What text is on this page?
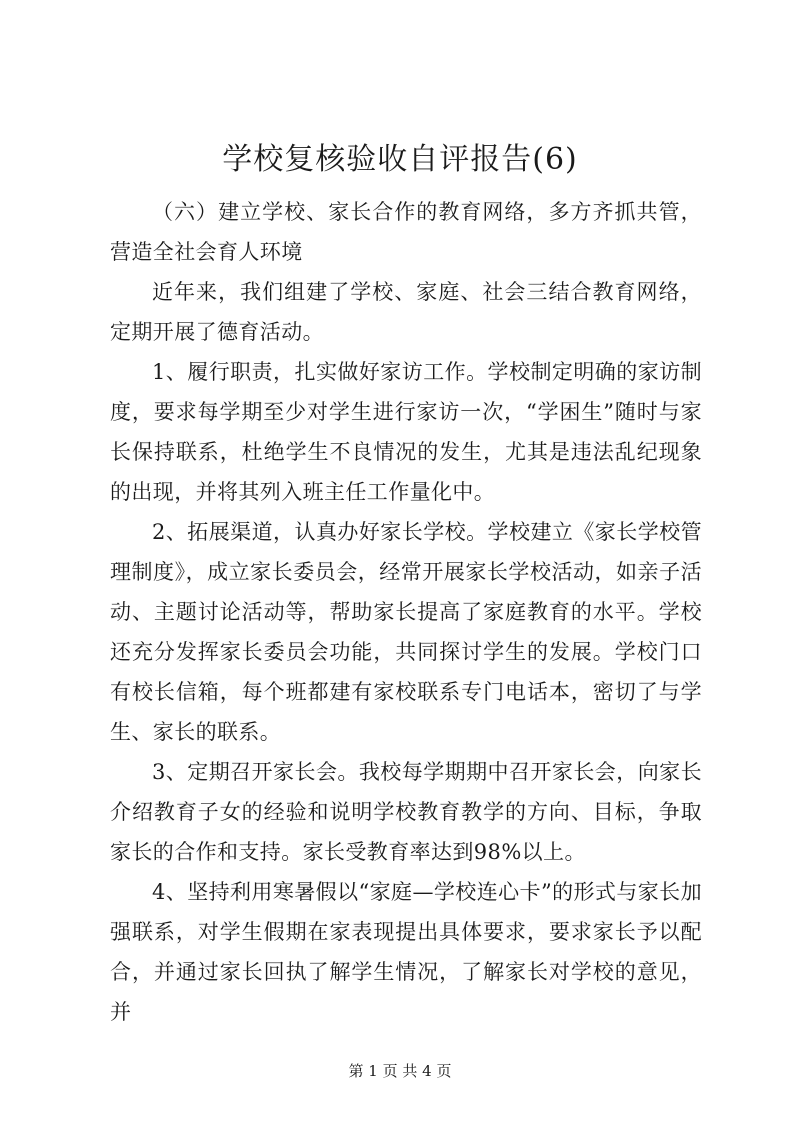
学校复核验收自评报告(6)

（六）建立学校、家长合作的教育网络，多方齐抓共管，营造全社会育人环境

近年来，我们组建了学校、家庭、社会三结合教育网络，定期开展了德育活动。

1、履行职责，扎实做好家访工作。学校制定明确的家访制度，要求每学期至少对学生进行家访一次，“学困生”随时与家长保持联系，杜绝学生不良情况的发生，尤其是违法乱纪现象的出现，并将其列入班主任工作量化中。

2、拓展渠道，认真办好家长学校。学校建立《家长学校管理制度》，成立家长委员会，经常开展家长学校活动，如亲子活动、主题讨论活动等，帮助家长提高了家庭教育的水平。学校还充分发挥家长委员会功能，共同探讨学生的发展。学校门口有校长信箱，每个班都建有家校联系专门电话本，密切了与学生、家长的联系。

3、定期召开家长会。我校每学期期中召开家长会，向家长介绍教育子女的经验和说明学校教育教学的方向、目标，争取家长的合作和支持。家长受教育率达到98%以上。

4、坚持利用寒暑假以“家庭—学校连心卡”的形式与家长加强联系，对学生假期在家表现提出具体要求，要求家长予以配合，并通过家长回执了解学生情况，了解家长对学校的意见，并

第 1 页 共 4 页
